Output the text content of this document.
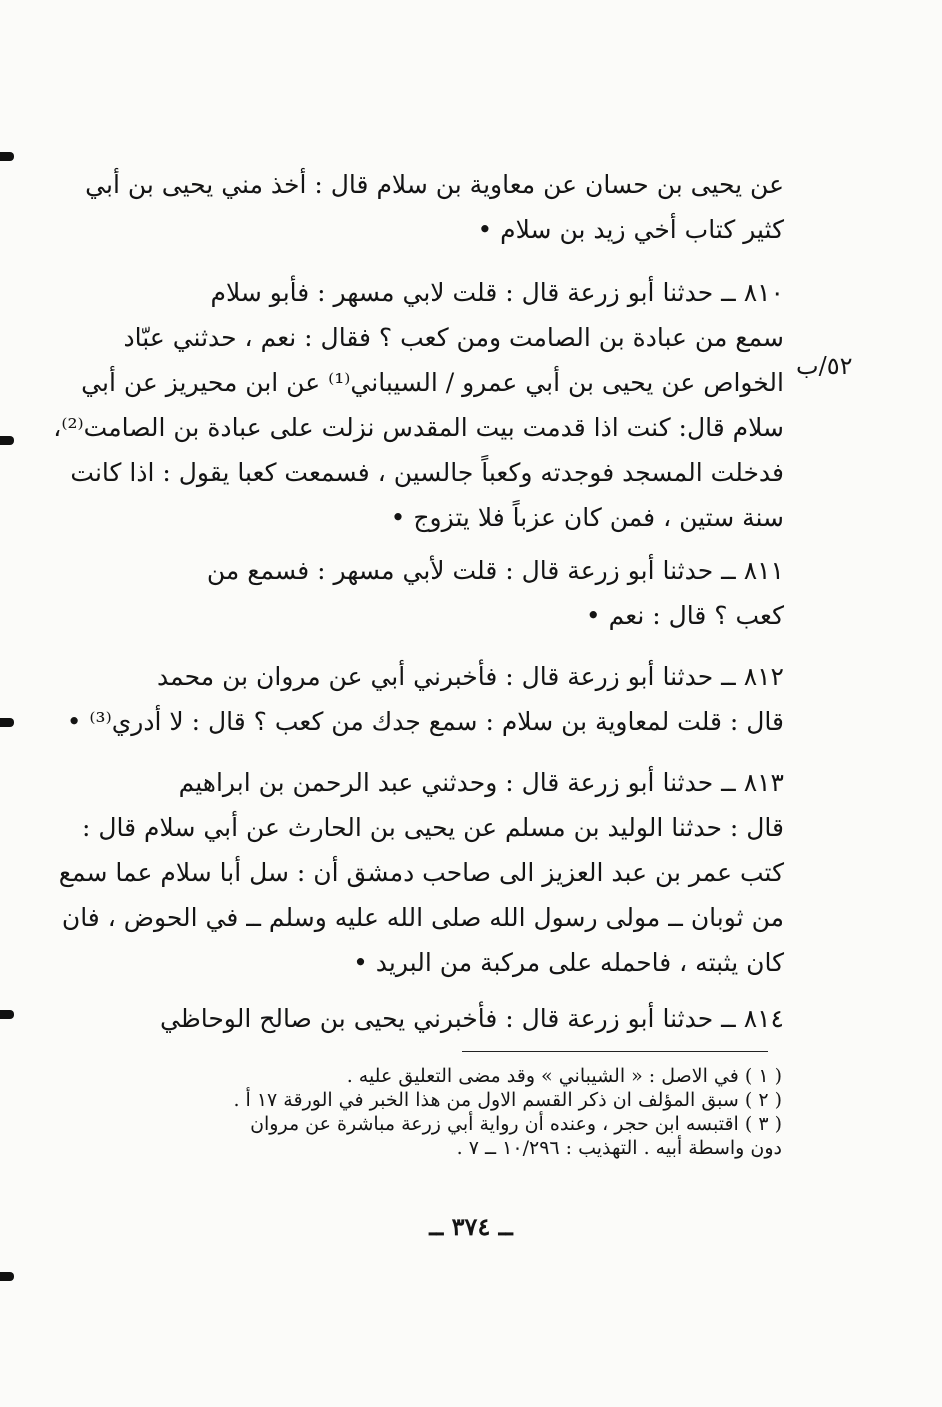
عن يحيى بن حسان عن معاوية بن سلام قال : أخذ مني يحيى بن أبي
كثير كتاب أخي زيد بن سلام •
٨١٠ ــ حدثنا أبو زرعة قال : قلت لابي مسهر : فأبو سلام
سمع من عبادة بن الصامت ومن كعب ؟ فقال : نعم ، حدثني عبّاد
الخواص عن يحيى بن أبي عمرو / السيباني⁽¹⁾ عن ابن محيريز عن أبي
سلام قال: كنت اذا قدمت بيت المقدس نزلت على عبادة بن الصامت⁽²⁾،
فدخلت المسجد فوجدته وكعباً جالسين ، فسمعت كعبا يقول : اذا كانت
سنة ستين ، فمن كان عزباً فلا يتزوج •
٥٢/ب
٨١١ ــ حدثنا أبو زرعة قال : قلت لأبي مسهر : فسمع من
كعب ؟ قال : نعم •
٨١٢ ــ حدثنا أبو زرعة قال : فأخبرني أبي عن مروان بن محمد
قال : قلت لمعاوية بن سلام : سمع جدك من كعب ؟ قال : لا أدري⁽³⁾ •
٨١٣ ــ حدثنا أبو زرعة قال : وحدثني عبد الرحمن بن ابراهيم
قال : حدثنا الوليد بن مسلم عن يحيى بن الحارث عن أبي سلام قال :
كتب عمر بن عبد العزيز الى صاحب دمشق أن : سل أبا سلام عما سمع
من ثوبان ــ مولى رسول الله صلى الله عليه وسلم ــ في الحوض ، فان
كان يثبته ، فاحمله على مركبة من البريد •
٨١٤ ــ حدثنا أبو زرعة قال : فأخبرني يحيى بن صالح الوحاظي
( ١ ) في الاصل : « الشيباني » وقد مضى التعليق عليه .
( ٢ ) سبق المؤلف ان ذكر القسم الاول من هذا الخبر في الورقة ١٧ أ .
( ٣ ) اقتبسه ابن حجر ، وعنده أن رواية أبي زرعة مباشرة عن مروان
دون واسطة أبيه . التهذيب : ١٠/٢٩٦ ــ ٧ .
ــ ٣٧٤ ــ
